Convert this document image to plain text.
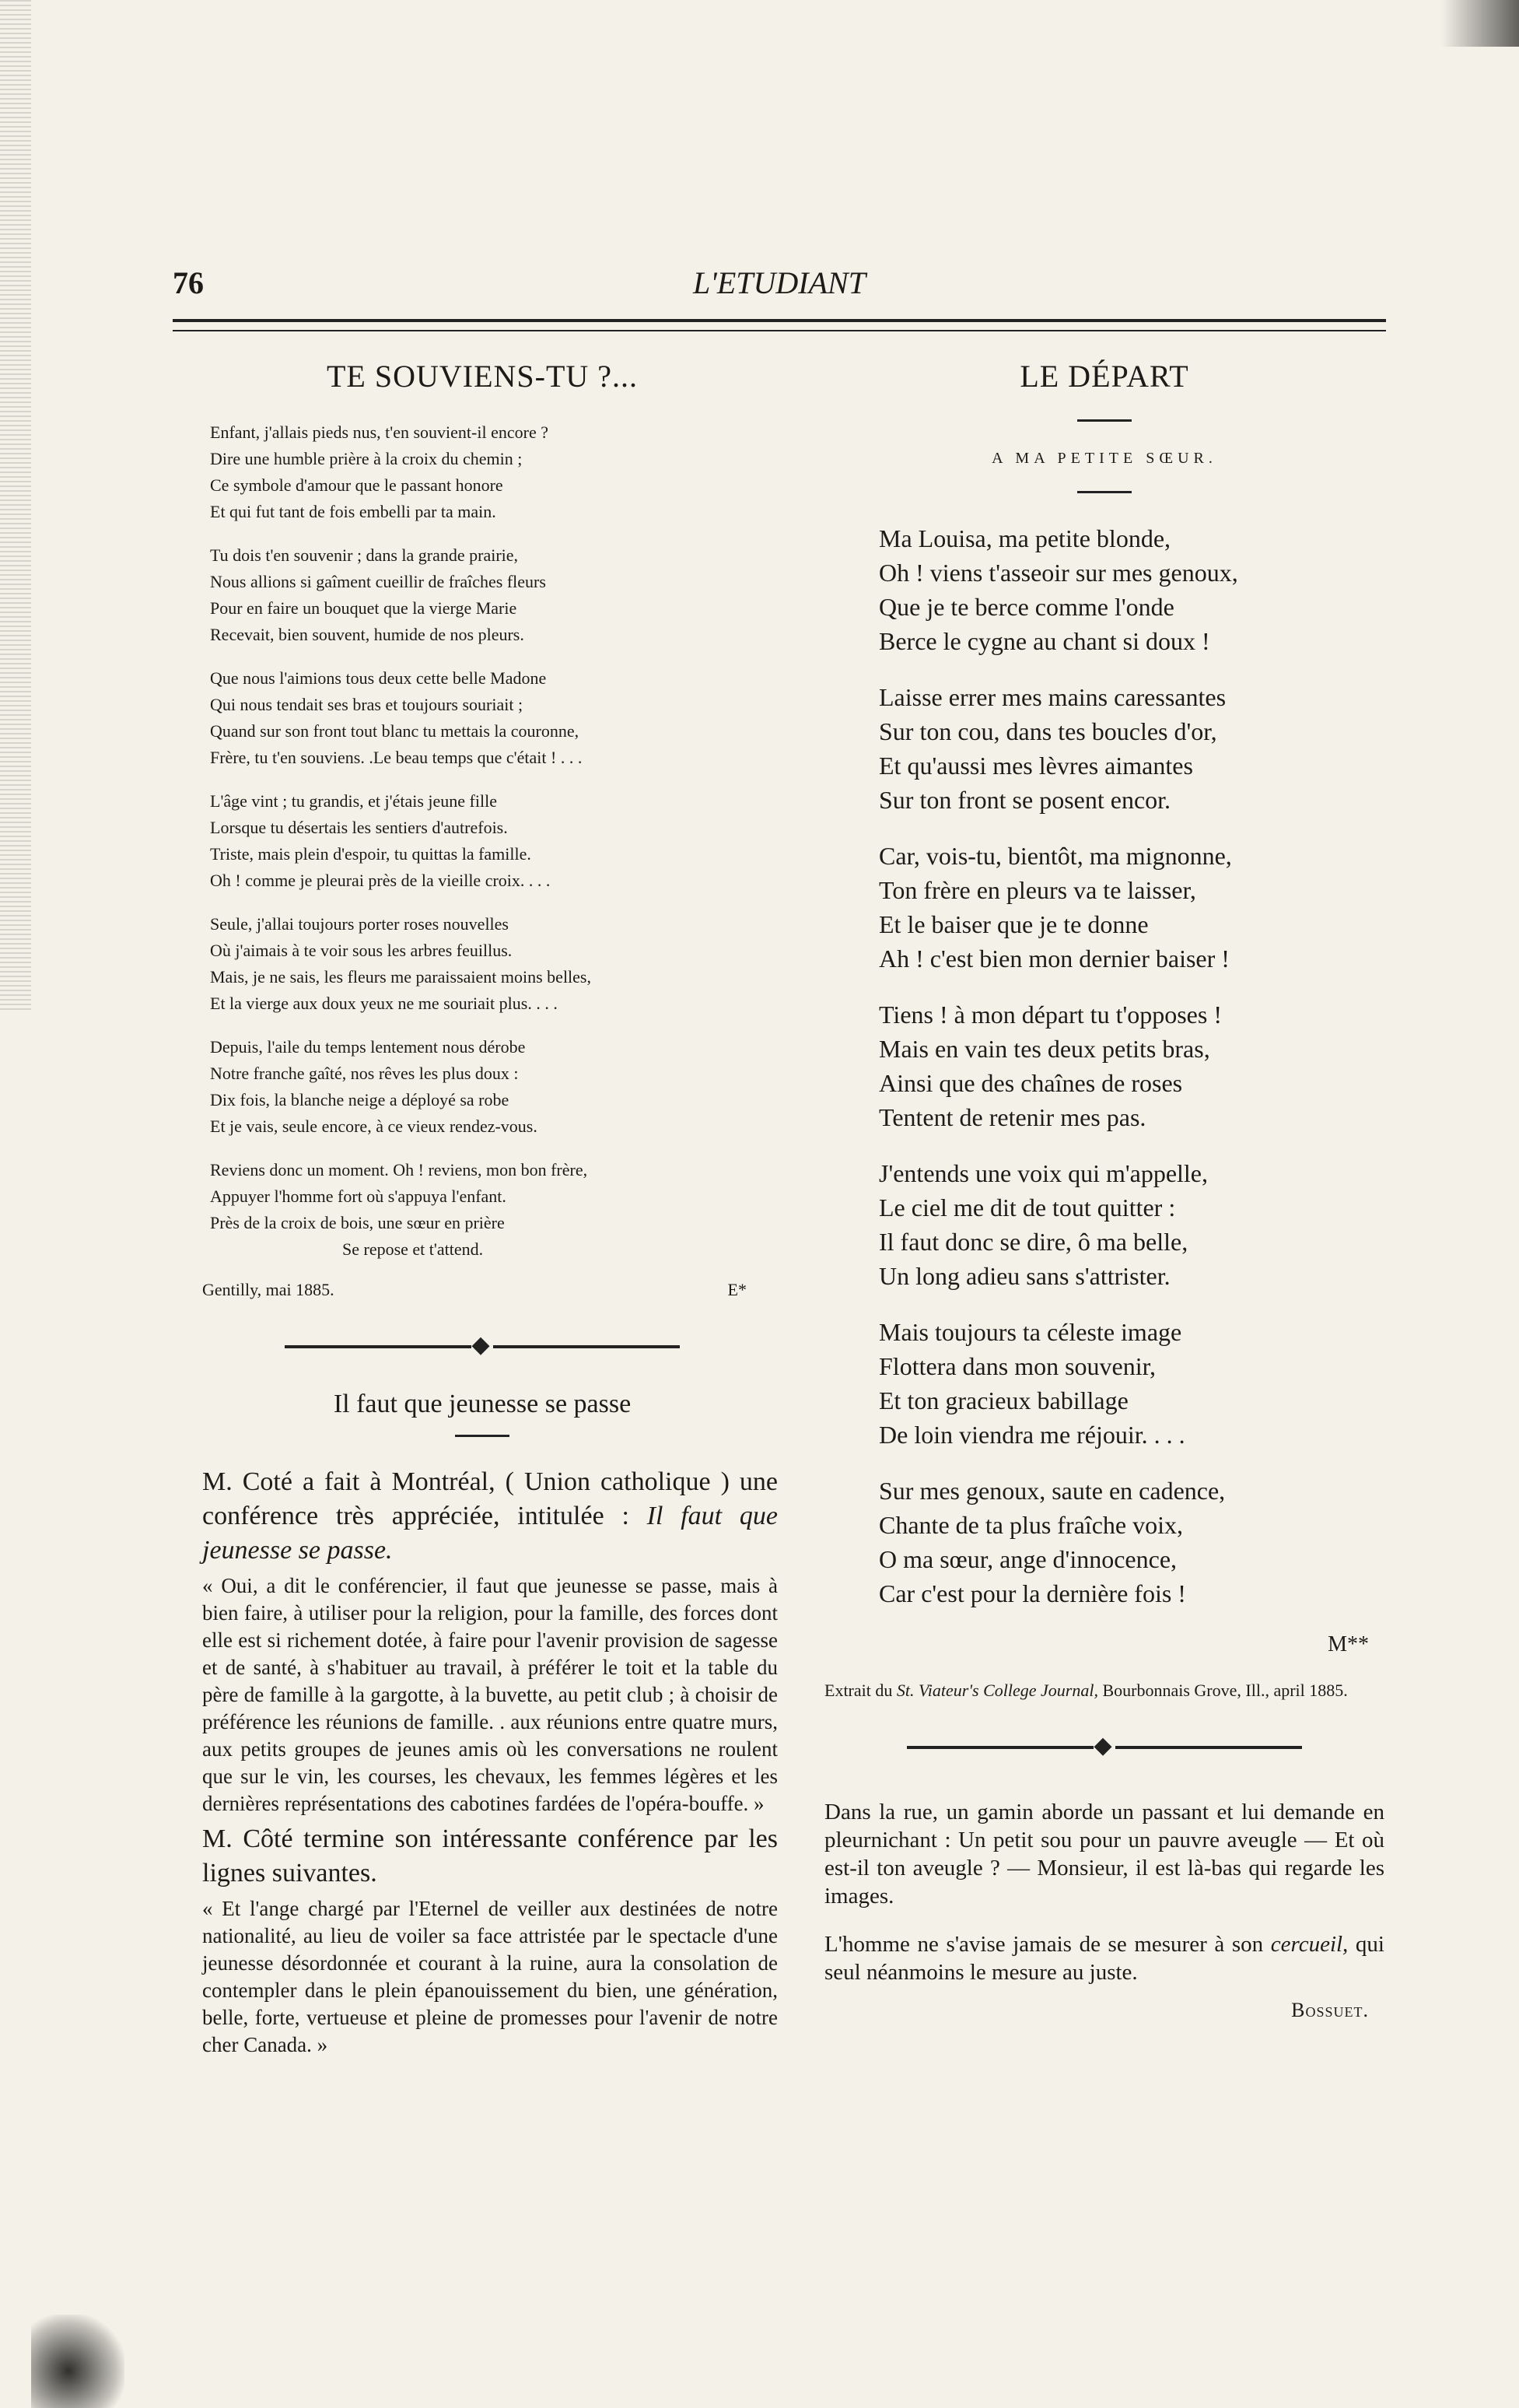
76	L'ETUDIANT
TE SOUVIENS-TU ?...
Enfant, j'allais pieds nus, t'en souvient-il encore ?
Dire une humble prière à la croix du chemin ;
Ce symbole d'amour que le passant honore
Et qui fut tant de fois embelli par ta main.
Tu dois t'en souvenir ; dans la grande prairie,
Nous allions si gaîment cueillir de fraîches fleurs
Pour en faire un bouquet que la vierge Marie
Recevait, bien souvent, humide de nos pleurs.
Que nous l'aimions tous deux cette belle Madone
Qui nous tendait ses bras et toujours souriait ;
Quand sur son front tout blanc tu mettais la couronne,
Frère, tu t'en souviens. .Le beau temps que c'était ! . . .
L'âge vint ; tu grandis, et j'étais jeune fille
Lorsque tu désertais les sentiers d'autrefois.
Triste, mais plein d'espoir, tu quittas la famille.
Oh ! comme je pleurai près de la vieille croix. . . .
Seule, j'allai toujours porter roses nouvelles
Où j'aimais à te voir sous les arbres feuillus.
Mais, je ne sais, les fleurs me paraissaient moins belles,
Et la vierge aux doux yeux ne me souriait plus. . . .
Depuis, l'aile du temps lentement nous dérobe
Notre franche gaîté, nos rêves les plus doux :
Dix fois, la blanche neige a déployé sa robe
Et je vais, seule encore, à ce vieux rendez-vous.
Reviens donc un moment. Oh ! reviens, mon bon frère,
Appuyer l'homme fort où s'appuya l'enfant.
Près de la croix de bois, une sœur en prière
Se repose et t'attend.
Gentilly, mai 1885.	E*
◆
Il faut que jeunesse se passe
M. Coté a fait à Montréal, ( Union catholique ) une conférence très appréciée, intitulée : Il faut que jeunesse se passe.
« Oui, a dit le conférencier, il faut que jeunesse se passe, mais à bien faire, à utiliser pour la religion, pour la famille, des forces dont elle est si richement dotée, à faire pour l'avenir provision de sagesse et de santé, à s'habituer au travail, à préférer le toit et la table du père de famille à la gargotte, à la buvette, au petit club ; à choisir de préférence les réunions de famille. . aux réunions entre quatre murs, aux petits groupes de jeunes amis où les conversations ne roulent que sur le vin, les courses, les chevaux, les femmes légères et les dernières représentations des cabotines fardées de l'opéra-bouffe. »
M. Côté termine son intéressante conférence par les lignes suivantes.
« Et l'ange chargé par l'Eternel de veiller aux destinées de notre nationalité, au lieu de voiler sa face attristée par le spectacle d'une jeunesse désordonnée et courant à la ruine, aura la consolation de contempler dans le plein épanouissement du bien, une génération, belle, forte, vertueuse et pleine de promesses pour l'avenir de notre cher Canada. »
LE DÉPART
A MA PETITE SŒUR.
Ma Louisa, ma petite blonde,
Oh ! viens t'asseoir sur mes genoux,
Que je te berce comme l'onde
Berce le cygne au chant si doux !
Laisse errer mes mains caressantes
Sur ton cou, dans tes boucles d'or,
Et qu'aussi mes lèvres aimantes
Sur ton front se posent encor.
Car, vois-tu, bientôt, ma mignonne,
Ton frère en pleurs va te laisser,
Et le baiser que je te donne
Ah ! c'est bien mon dernier baiser !
Tiens ! à mon départ tu t'opposes !
Mais en vain tes deux petits bras,
Ainsi que des chaînes de roses
Tentent de retenir mes pas.
J'entends une voix qui m'appelle,
Le ciel me dit de tout quitter :
Il faut donc se dire, ô ma belle,
Un long adieu sans s'attrister.
Mais toujours ta céleste image
Flottera dans mon souvenir,
Et ton gracieux babillage
De loin viendra me réjouir. . . .
Sur mes genoux, saute en cadence,
Chante de ta plus fraîche voix,
O ma sœur, ange d'innocence,
Car c'est pour la dernière fois !
M**
Extrait du St. Viateur's College Journal, Bourbonnais Grove, Ill., april 1885.
◆
Dans la rue, un gamin aborde un passant et lui demande en pleurnichant : Un petit sou pour un pauvre aveugle — Et où est-il ton aveugle ? — Monsieur, il est là-bas qui regarde les images.
L'homme ne s'avise jamais de se mesurer à son cercueil, qui seul néanmoins le mesure au juste.
Bossuet.
